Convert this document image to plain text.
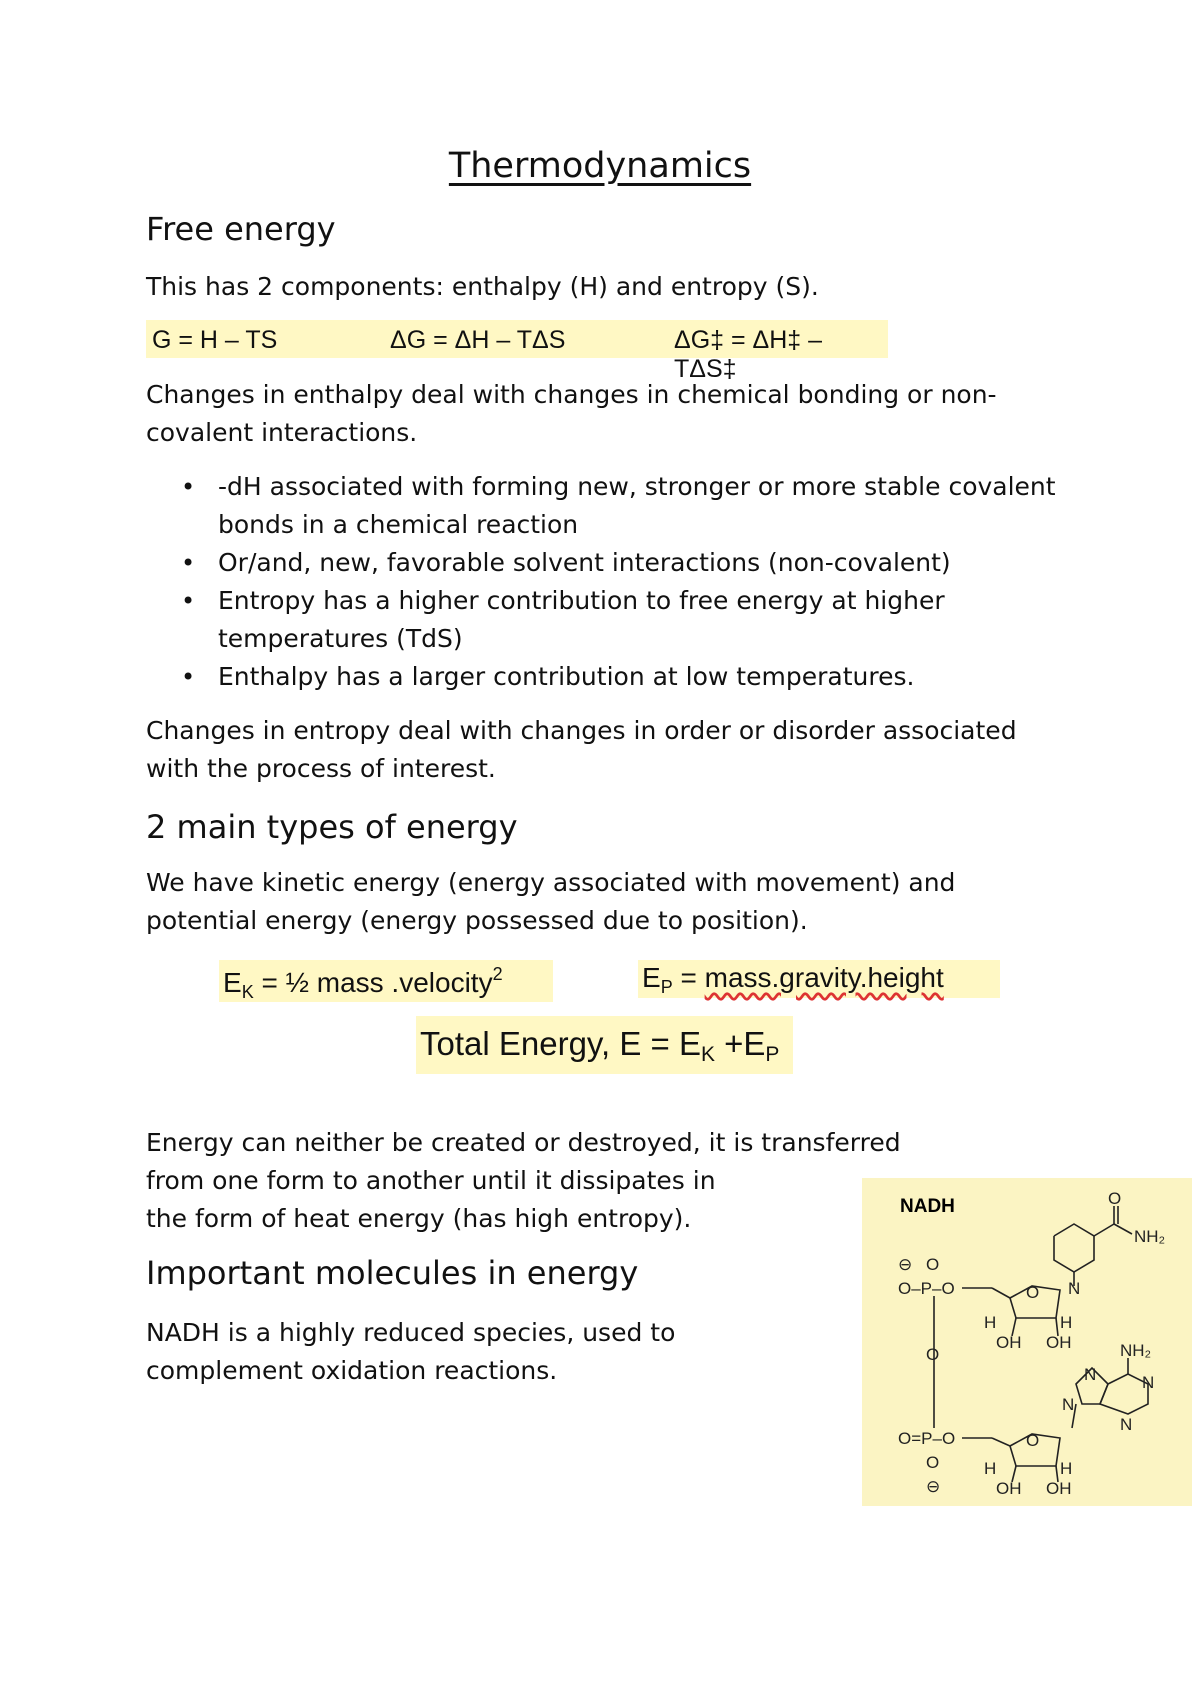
Thermodynamics
Free energy

This has 2 components: enthalpy (H) and entropy (S).

G = H – TS	ΔG = ΔH – TΔS	ΔG‡ = ΔH‡ – TΔS‡

Changes in enthalpy deal with changes in chemical bonding or non-covalent interactions.

• -dH associated with forming new, stronger or more stable covalent bonds in a chemical reaction
• Or/and, new, favorable solvent interactions (non-covalent)
• Entropy has a higher contribution to free energy at higher temperatures (TdS)
• Enthalpy has a larger contribution at low temperatures.

Changes in entropy deal with changes in order or disorder associated with the process of interest.

2 main types of energy

We have kinetic energy (energy associated with movement) and potential energy (energy possessed due to position).

$E_K$ = ½ mass .velocity$^2$	$E_P$ = mass.gravity.height
Total Energy, $E = E_K +E_P$

Energy can neither be created or destroyed, it is transferred

from one form to another until it dissipates in

the form of heat energy (has high entropy).

Important molecules in energy

NADH is a highly reduced species, used to

complement oxidation reactions.

NADH	O
NH₂
N
O
H	H
OH OH
⊖ O
O–P–O
O	NH₂
N	N
N
N
O=P–O	O
O
⊖
H	H
OH OH
